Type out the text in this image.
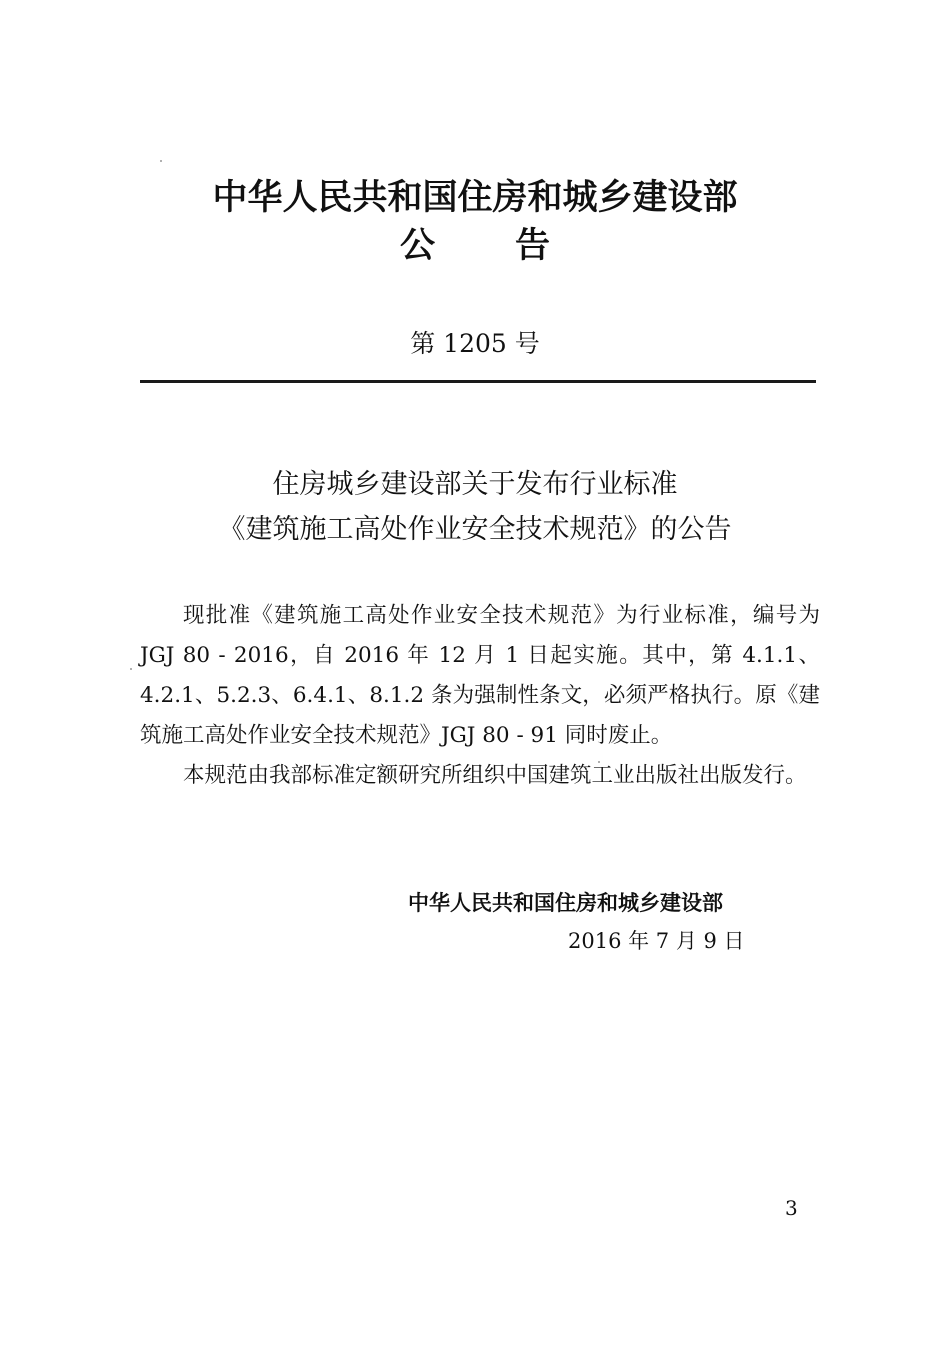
中华人民共和国住房和城乡建设部
公 告
第 1205 号
住房城乡建设部关于发布行业标准
《建筑施工高处作业安全技术规范》的公告

现批准《建筑施工高处作业安全技术规范》为行业标准，编号为 JGJ 80 - 2016，自 2016 年 12 月 1 日起实施。其中，第 4.1.1、4.2.1、5.2.3、6.4.1、8.1.2 条为强制性条文，必须严格执行。原《建筑施工高处作业安全技术规范》JGJ 80 - 91 同时废止。

本规范由我部标准定额研究所组织中国建筑工业出版社出版发行。

中华人民共和国住房和城乡建设部
2016 年 7 月 9 日
3
